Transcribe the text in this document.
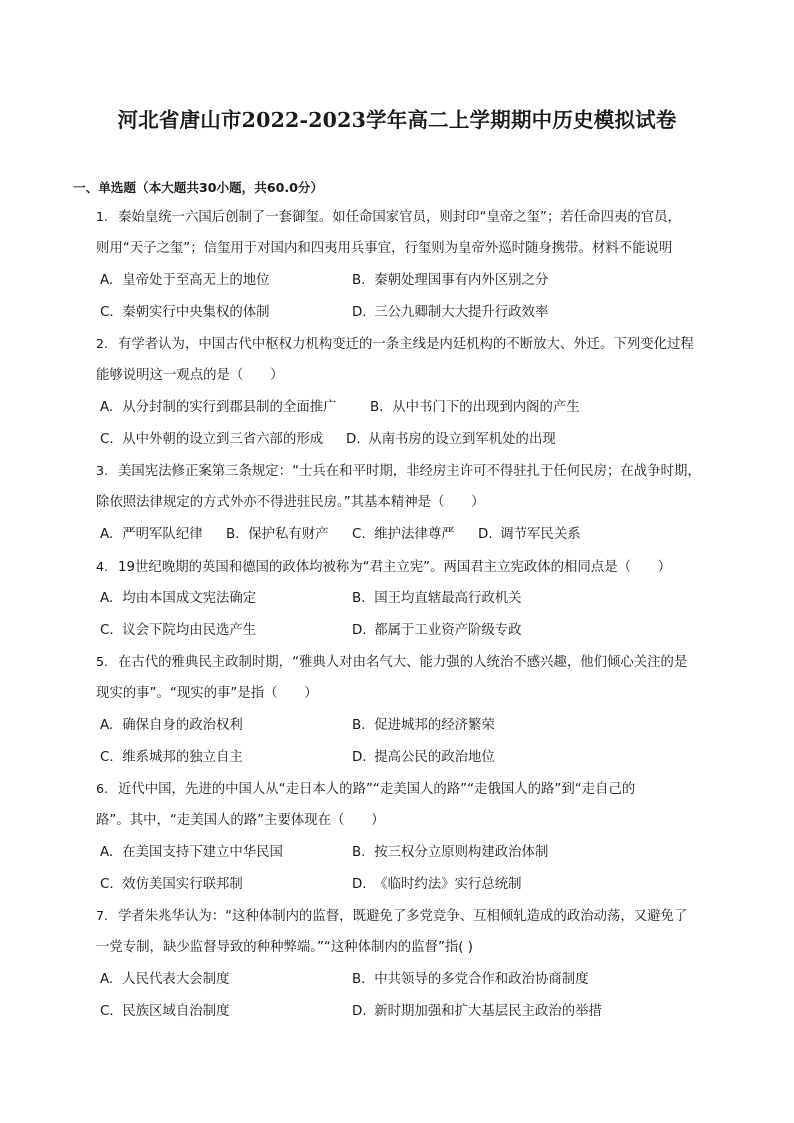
河北省唐山市2022-2023学年高二上学期期中历史模拟试卷
一、单选题（本大题共30小题，共60.0分）
1. 秦始皇统一六国后创制了一套御玺。如任命国家官员，则封印“皇帝之玺”；若任命四夷的官员，
则用“天子之玺”；信玺用于对国内和四夷用兵事宜，行玺则为皇帝外巡时随身携带。材料不能说明
A. 皇帝处于至高无上的地位	B. 秦朝处理国事有内外区别之分
C. 秦朝实行中央集权的体制	D. 三公九卿制大大提升行政效率
2. 有学者认为，中国古代中枢权力机构变迁的一条主线是内廷机构的不断放大、外迁。下列变化过程
能够说明这一观点的是（　　）
A. 从分封制的实行到郡县制的全面推广 B. 从中书门下的出现到内阁的产生
C. 从中外朝的设立到三省六部的形成 D. 从南书房的设立到军机处的出现
3. 美国宪法修正案第三条规定：“士兵在和平时期，非经房主许可不得驻扎于任何民房；在战争时期，
除依照法律规定的方式外亦不得进驻民房。”其基本精神是（　　）
A. 严明军队纪律 B. 保护私有财产 C. 维护法律尊严 D. 调节军民关系
4. 19世纪晚期的英国和德国的政体均被称为“君主立宪”。两国君主立宪政体的相同点是（　　）
A. 均由本国成文宪法确定	B. 国王均直辖最高行政机关
C. 议会下院均由民选产生	D. 都属于工业资产阶级专政
5. 在古代的雅典民主政制时期，“雅典人对由名气大、能力强的人统治不感兴趣，他们倾心关注的是
现实的事”。“现实的事”是指（　　）
A. 确保自身的政治权利	B. 促进城邦的经济繁荣
C. 维系城邦的独立自主	D. 提高公民的政治地位
6. 近代中国，先进的中国人从“走日本人的路”“走美国人的路”“走俄国人的路”到“走自己的
路”。其中，“走美国人的路”主要体现在（　　）
A. 在美国支持下建立中华民国	B. 按三权分立原则构建政治体制
C. 效仿美国实行联邦制	D. 《临时约法》实行总统制
7. 学者朱兆华认为：“这种体制内的监督，既避免了多党竞争、互相倾轧造成的政治动荡，又避免了
一党专制，缺少监督导致的种种弊端。”“这种体制内的监督”指( )
A. 人民代表大会制度	B. 中共领导的多党合作和政治协商制度
C. 民族区域自治制度	D. 新时期加强和扩大基层民主政治的举措
